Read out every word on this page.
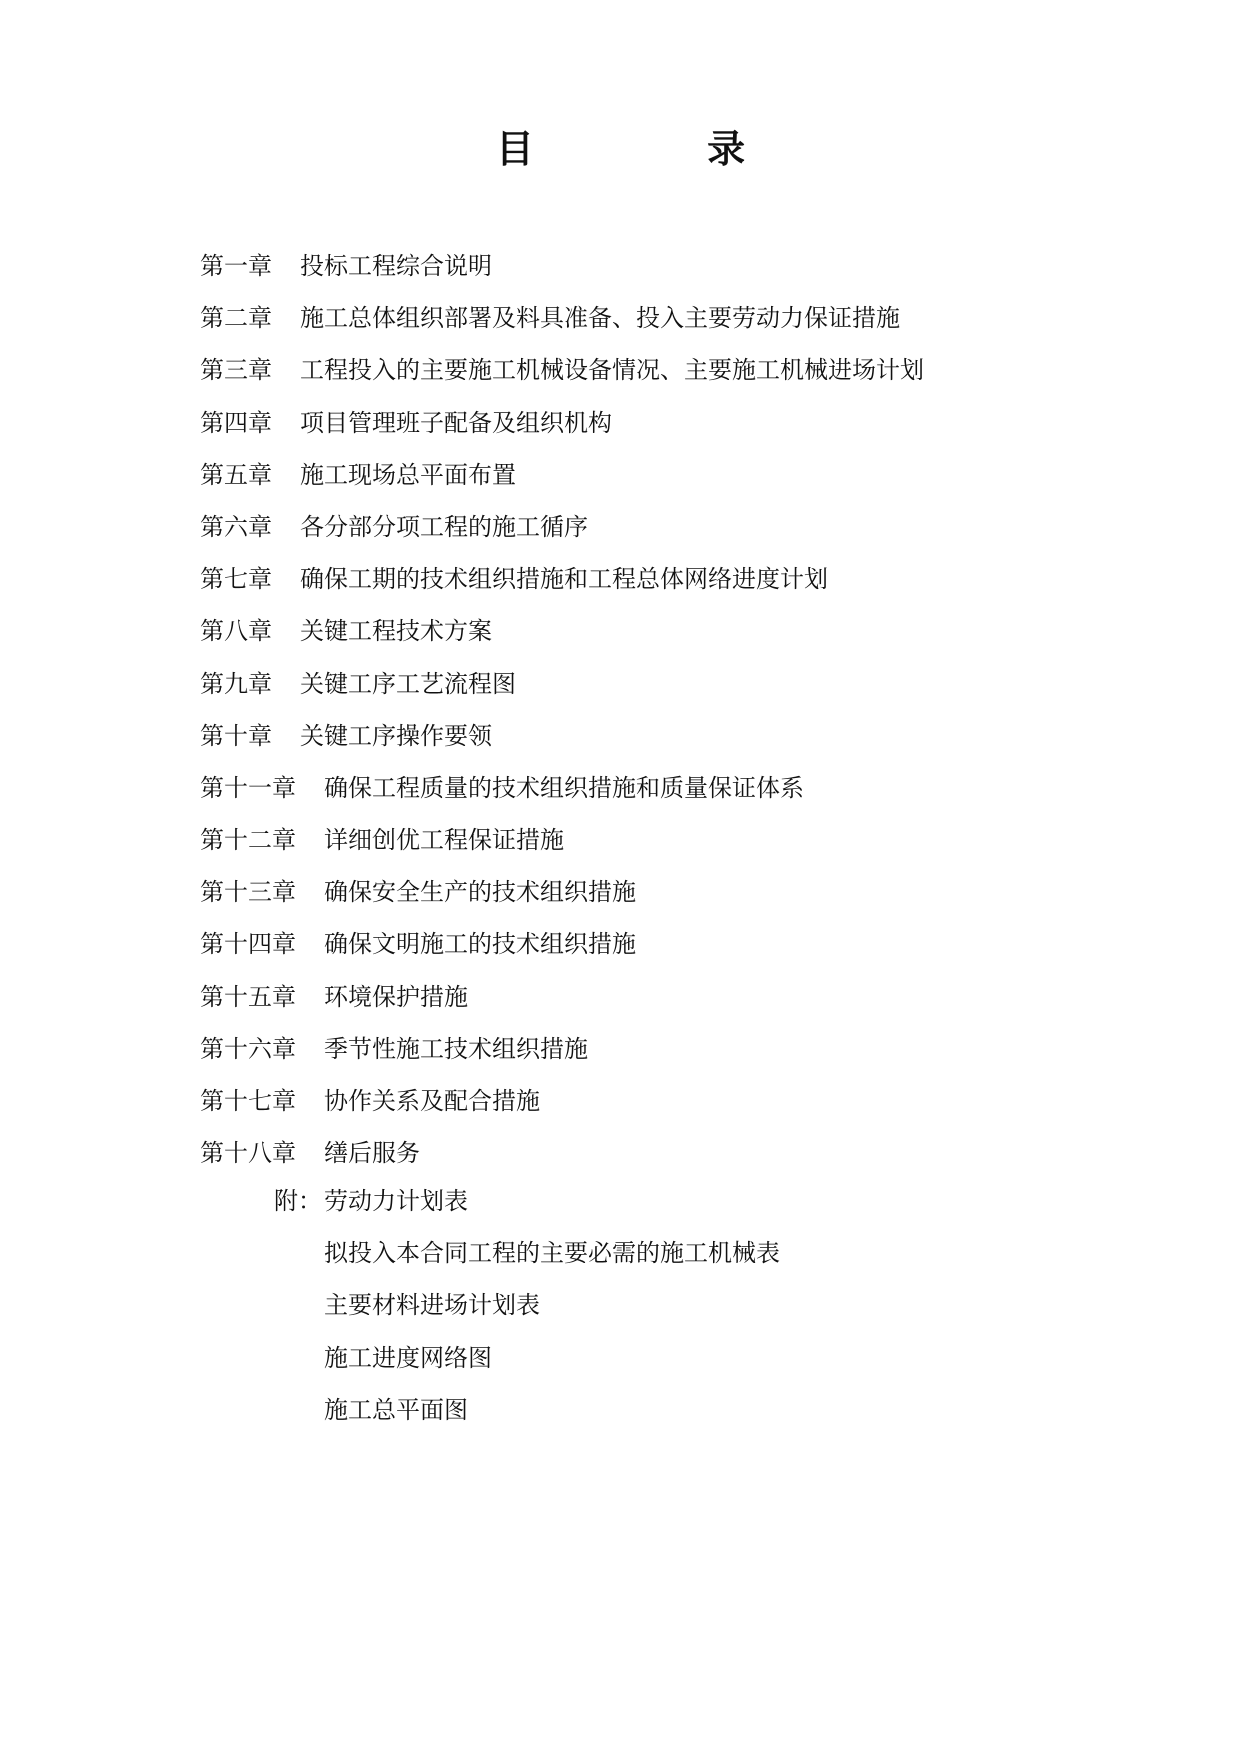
目 录
第一章 投标工程综合说明
第二章 施工总体组织部署及料具准备、投入主要劳动力保证措施
第三章 工程投入的主要施工机械设备情况、主要施工机械进场计划
第四章 项目管理班子配备及组织机构
第五章 施工现场总平面布置
第六章 各分部分项工程的施工循序
第七章 确保工期的技术组织措施和工程总体网络进度计划
第八章 关键工程技术方案
第九章 关键工序工艺流程图
第十章 关键工序操作要领
第十一章 确保工程质量的技术组织措施和质量保证体系
第十二章 详细创优工程保证措施
第十三章 确保安全生产的技术组织措施
第十四章 确保文明施工的技术组织措施
第十五章 环境保护措施
第十六章 季节性施工技术组织措施
第十七章 协作关系及配合措施
第十八章 缮后服务
附： 劳动力计划表
拟投入本合同工程的主要必需的施工机械表
主要材料进场计划表
施工进度网络图
施工总平面图
